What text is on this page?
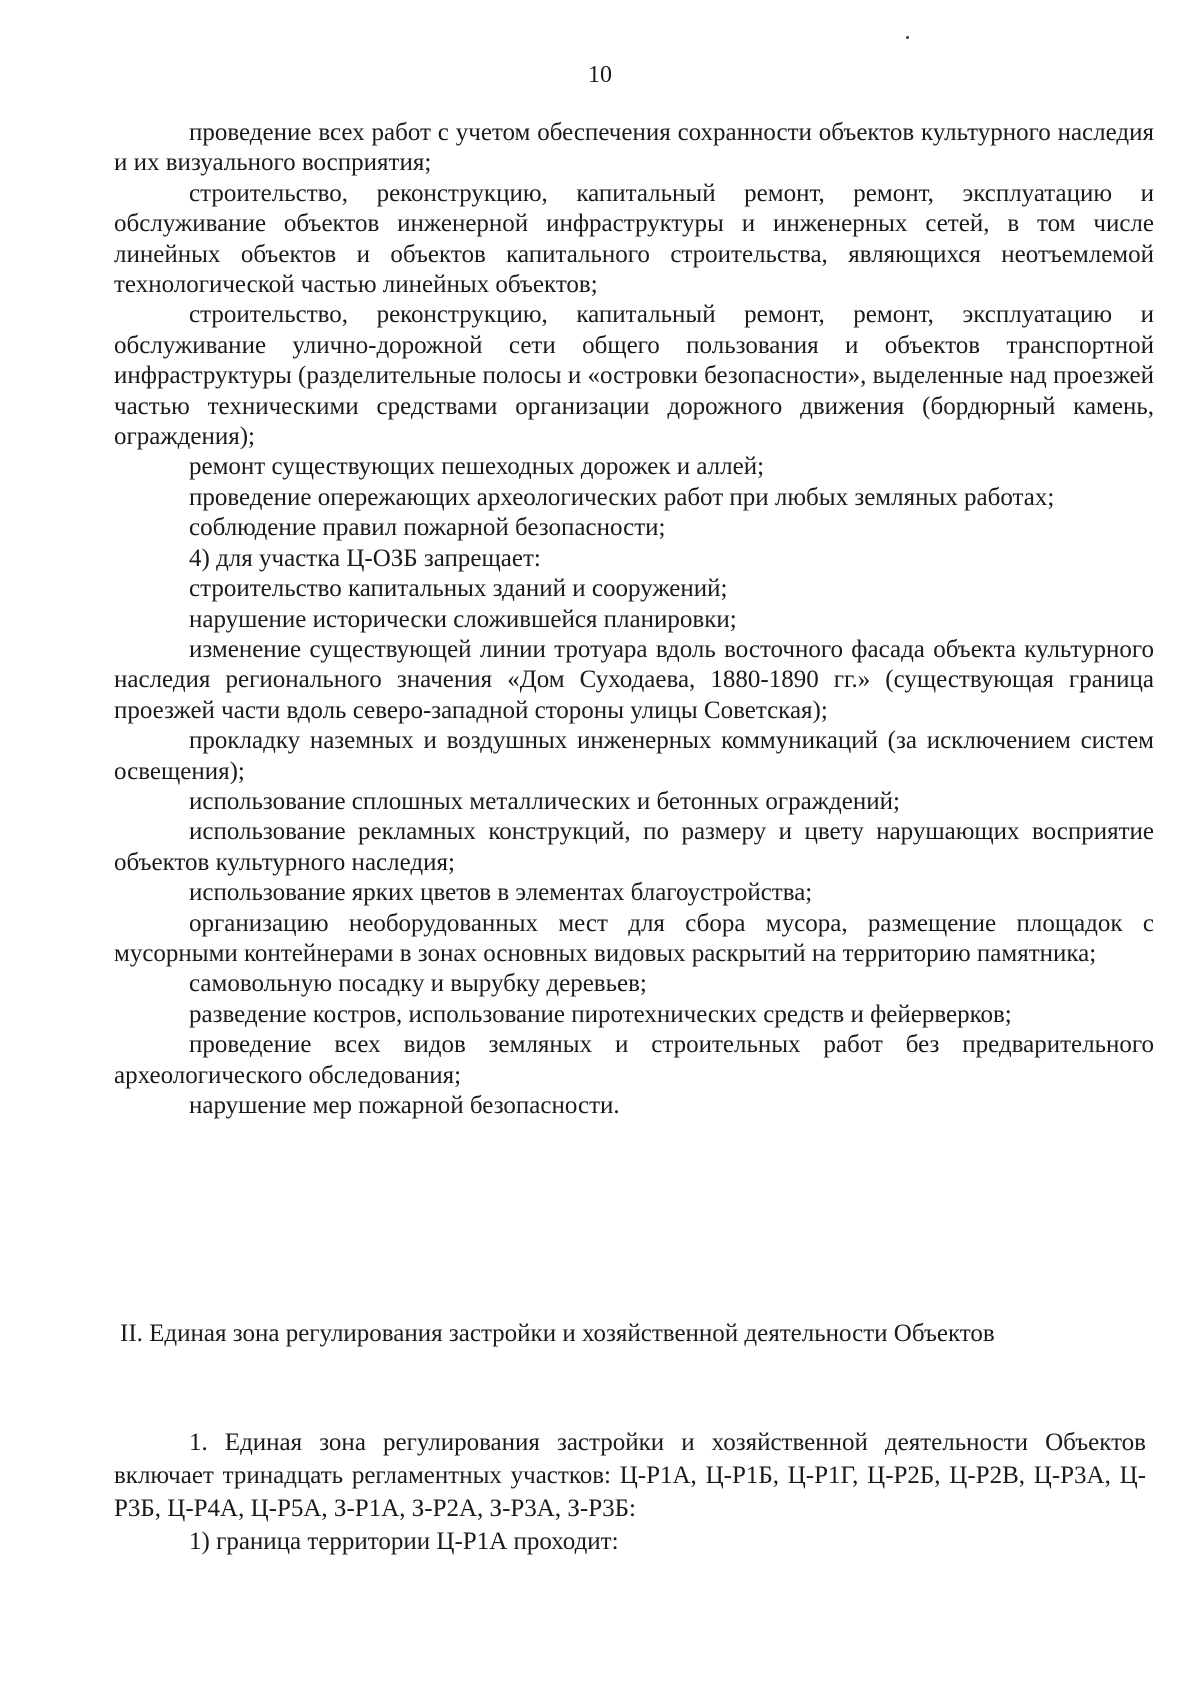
10

проведение всех работ с учетом обеспечения сохранности объектов культурного наследия и их визуального восприятия;

строительство, реконструкцию, капитальный ремонт, ремонт, эксплуатацию и обслуживание объектов инженерной инфраструктуры и инженерных сетей, в том числе линейных объектов и объектов капитального строительства, являющихся неотъемлемой технологической частью линейных объектов;

строительство, реконструкцию, капитальный ремонт, ремонт, эксплуатацию и обслуживание улично-дорожной сети общего пользования и объектов транспортной инфраструктуры (разделительные полосы и «островки безопасности», выделенные над проезжей частью техническими средствами организации дорожного движения (бордюрный камень, ограждения);

ремонт существующих пешеходных дорожек и аллей;

проведение опережающих археологических работ при любых земляных работах;

соблюдение правил пожарной безопасности;

4) для участка Ц-ОЗБ запрещает:

строительство капитальных зданий и сооружений;

нарушение исторически сложившейся планировки;

изменение существующей линии тротуара вдоль восточного фасада объекта культурного наследия регионального значения «Дом Суходаева, 1880-1890 гг.» (существующая граница проезжей части вдоль северо-западной стороны улицы Советская);

прокладку наземных и воздушных инженерных коммуникаций (за исключением систем освещения);

использование сплошных металлических и бетонных ограждений;

использование рекламных конструкций, по размеру и цвету нарушающих восприятие объектов культурного наследия;

использование ярких цветов в элементах благоустройства;

организацию необорудованных мест для сбора мусора, размещение площадок с мусорными контейнерами в зонах основных видовых раскрытий на территорию памятника;

самовольную посадку и вырубку деревьев;

разведение костров, использование пиротехнических средств и фейерверков;

проведение всех видов земляных и строительных работ без предварительного археологического обследования;

нарушение мер пожарной безопасности.

II. Единая зона регулирования застройки и хозяйственной деятельности Объектов

1. Единая зона регулирования застройки и хозяйственной деятельности Объектов включает тринадцать регламентных участков: Ц-Р1А, Ц-Р1Б, Ц-Р1Г, Ц-Р2Б, Ц-Р2В, Ц-Р3А, Ц-Р3Б, Ц-Р4А, Ц-Р5А, З-Р1А, З-Р2А, З-Р3А, З-Р3Б:

1) граница территории Ц-Р1А проходит:
